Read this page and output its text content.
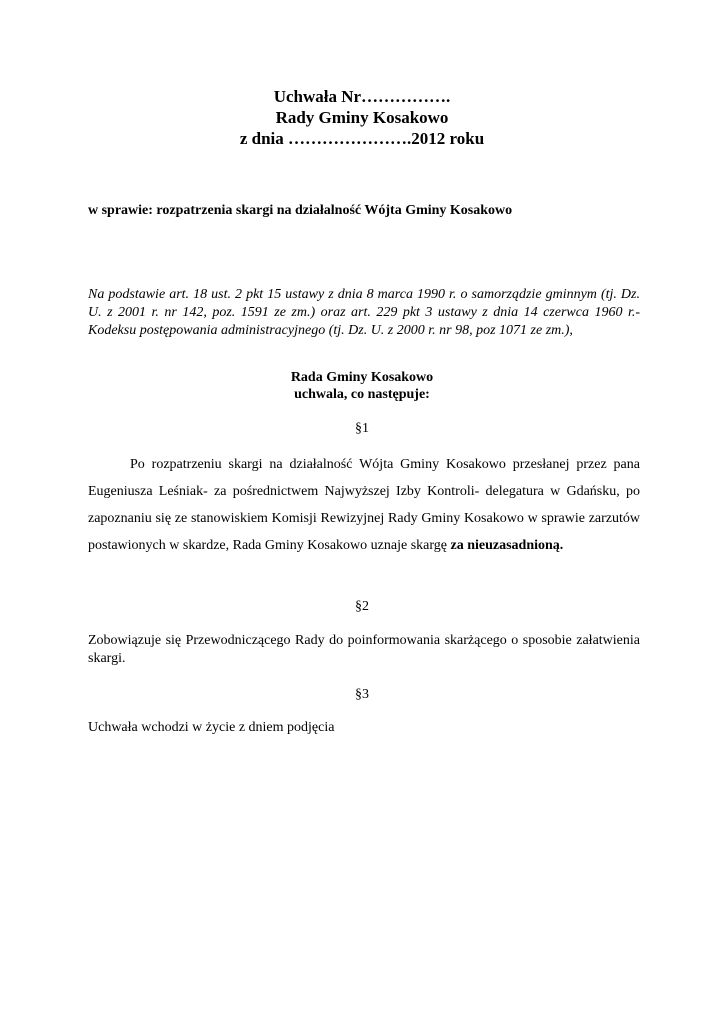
Uchwała Nr…………….
Rady Gminy Kosakowo
z dnia ………………….2012 roku
w sprawie: rozpatrzenia skargi na działalność Wójta Gminy Kosakowo
Na podstawie art. 18 ust. 2 pkt 15 ustawy z dnia 8 marca 1990 r. o samorządzie gminnym (tj. Dz. U. z 2001 r. nr 142, poz. 1591 ze zm.) oraz art. 229 pkt 3 ustawy z dnia 14 czerwca 1960 r.- Kodeksu postępowania administracyjnego (tj. Dz. U. z 2000 r. nr 98, poz 1071 ze zm.),
Rada Gminy Kosakowo
uchwala, co następuje:
§1
Po rozpatrzeniu skargi na działalność Wójta Gminy Kosakowo przesłanej przez pana Eugeniusza Leśniak- za pośrednictwem Najwyższej Izby Kontroli- delegatura w Gdańsku, po zapoznaniu się ze stanowiskiem Komisji Rewizyjnej Rady Gminy Kosakowo w sprawie zarzutów postawionych w skardze, Rada Gminy Kosakowo uznaje skargę za nieuzasadnioną.
§2
Zobowiązuje się Przewodniczącego Rady do poinformowania skarżącego o sposobie załatwienia skargi.
§3
Uchwała wchodzi w życie z dniem podjęcia
